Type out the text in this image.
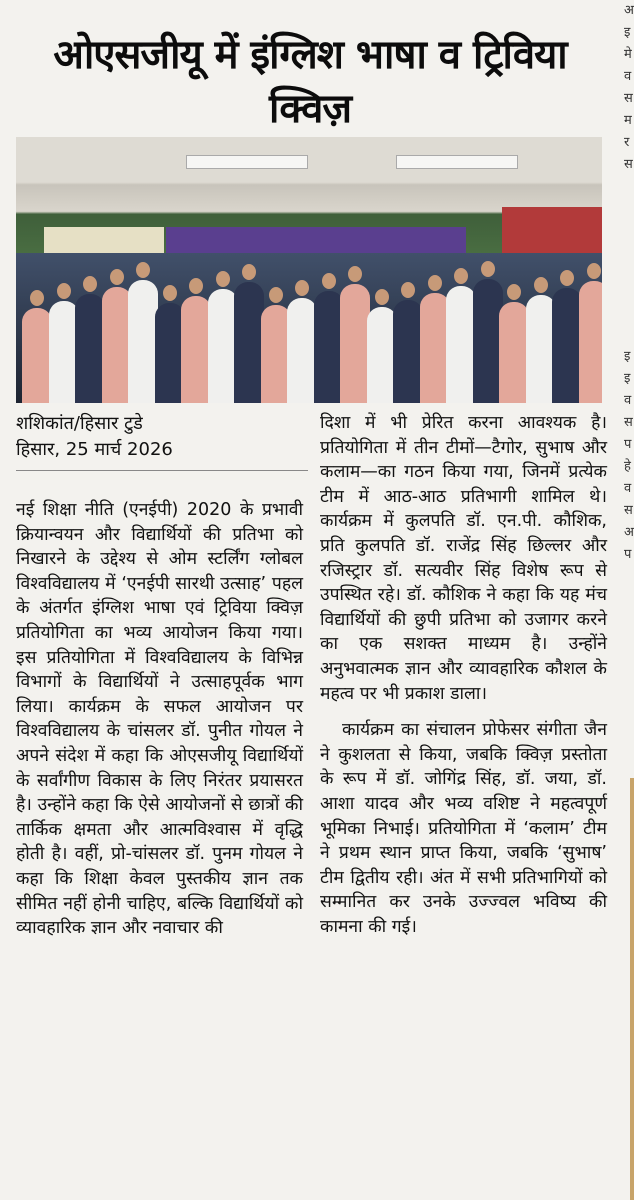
अ
इ
मे
व
स
म
र
स
इ
इ
व
स
प
हे
व
स
अ
प
ओएसजीयू में इंग्लिश भाषा व ट्रिविया क्विज़
शशिकांत/हिसार टुडे
हिसार, 25 मार्च 2026

नई शिक्षा नीति (एनईपी) 2020 के प्रभावी क्रियान्वयन और विद्यार्थियों की प्रतिभा को निखारने के उद्देश्य से ओम स्टर्लिंग ग्लोबल विश्वविद्यालय में ‘एनईपी सारथी उत्साह’ पहल के अंतर्गत इंग्लिश भाषा एवं ट्रिविया क्विज़ प्रतियोगिता का भव्य आयोजन किया गया। इस प्रतियोगिता में विश्वविद्यालय के विभिन्न विभागों के विद्यार्थियों ने उत्साहपूर्वक भाग लिया। कार्यक्रम के सफल आयोजन पर विश्वविद्यालय के चांसलर डॉ. पुनीत गोयल ने अपने संदेश में कहा कि ओएसजीयू विद्यार्थियों के सर्वांगीण विकास के लिए निरंतर प्रयासरत है। उन्होंने कहा कि ऐसे आयोजनों से छात्रों की तार्किक क्षमता और आत्मविश्वास में वृद्धि होती है। वहीं, प्रो-चांसलर डॉ. पुनम गोयल ने कहा कि शिक्षा केवल पुस्तकीय ज्ञान तक सीमित नहीं होनी चाहिए, बल्कि विद्यार्थियों को व्यावहारिक ज्ञान और नवाचार की

दिशा में भी प्रेरित करना आवश्यक है। प्रतियोगिता में तीन टीमों—टैगोर, सुभाष और कलाम—का गठन किया गया, जिनमें प्रत्येक टीम में आठ-आठ प्रतिभागी शामिल थे। कार्यक्रम में कुलपति डॉ. एन.पी. कौशिक, प्रति कुलपति डॉ. राजेंद्र सिंह छिल्लर और रजिस्ट्रार डॉ. सत्यवीर सिंह विशेष रूप से उपस्थित रहे। डॉ. कौशिक ने कहा कि यह मंच विद्यार्थियों की छुपी प्रतिभा को उजागर करने का एक सशक्त माध्यम है। उन्होंने अनुभवात्मक ज्ञान और व्यावहारिक कौशल के महत्व पर भी प्रकाश डाला।

कार्यक्रम का संचालन प्रोफेसर संगीता जैन ने कुशलता से किया, जबकि क्विज़ प्रस्तोता के रूप में डॉ. जोगिंद्र सिंह, डॉ. जया, डॉ. आशा यादव और भव्य वशिष्ट ने महत्वपूर्ण भूमिका निभाई। प्रतियोगिता में ‘कलाम’ टीम ने प्रथम स्थान प्राप्त किया, जबकि ‘सुभाष’ टीम द्वितीय रही। अंत में सभी प्रतिभागियों को सम्मानित कर उनके उज्ज्वल भविष्य की कामना की गई।
